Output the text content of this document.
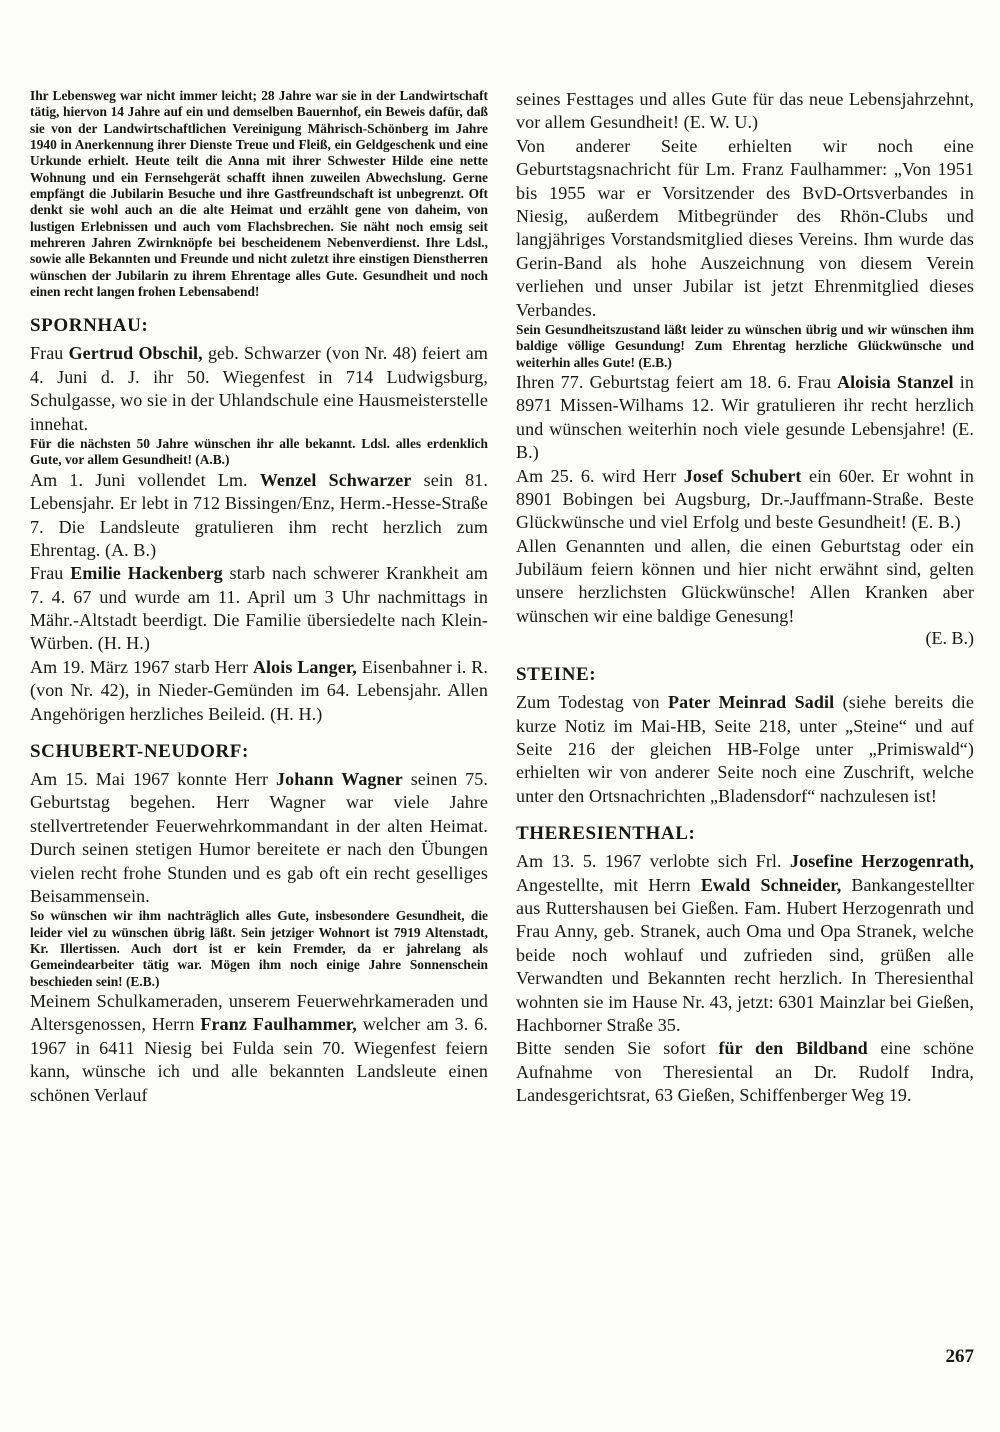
Ihr Lebensweg war nicht immer leicht; 28 Jahre war sie in der Landwirtschaft tätig, hiervon 14 Jahre auf ein und demselben Bauernhof, ein Beweis dafür, daß sie von der Landwirtschaftlichen Vereinigung Mährisch-Schönberg im Jahre 1940 in Anerkennung ihrer Dienste Treue und Fleiß, ein Geldgeschenk und eine Urkunde erhielt. Heute teilt die Anna mit ihrer Schwester Hilde eine nette Wohnung und ein Fernsehgerät schafft ihnen zuweilen Abwechslung. Gerne empfängt die Jubilarin Besuche und ihre Gastfreundschaft ist unbegrenzt. Oft denkt sie wohl auch an die alte Heimat und erzählt gene von daheim, von lustigen Erlebnissen und auch vom Flachsbrechen. Sie näht noch emsig seit mehreren Jahren Zwirnknöpfe bei bescheidenem Nebenverdienst. Ihre Ldsl., sowie alle Bekannten und Freunde und nicht zuletzt ihre einstigen Dienstherren wünschen der Jubilarin zu ihrem Ehrentage alles Gute. Gesundheit und noch einen recht langen frohen Lebensabend!

SPORNHAU:

Frau Gertrud Obschil, geb. Schwarzer (von Nr. 48) feiert am 4. Juni d. J. ihr 50. Wiegenfest in 714 Ludwigsburg, Schulgasse, wo sie in der Uhlandschule eine Hausmeisterstelle innehat.

Für die nächsten 50 Jahre wünschen ihr alle bekannt. Ldsl. alles erdenklich Gute, vor allem Gesundheit! (A.B.)

Am 1. Juni vollendet Lm. Wenzel Schwarzer sein 81. Lebensjahr. Er lebt in 712 Bissingen/Enz, Herm.-Hesse-Straße 7. Die Landsleute gratulieren ihm recht herzlich zum Ehrentag. (A. B.)

Frau Emilie Hackenberg starb nach schwerer Krankheit am 7. 4. 67 und wurde am 11. April um 3 Uhr nachmittags in Mähr.-Altstadt beerdigt. Die Familie übersiedelte nach Klein-Würben. (H. H.)

Am 19. März 1967 starb Herr Alois Langer, Eisenbahner i. R. (von Nr. 42), in Nieder-Gemünden im 64. Lebensjahr. Allen Angehörigen herzliches Beileid. (H. H.)

SCHUBERT-NEUDORF:

Am 15. Mai 1967 konnte Herr Johann Wagner seinen 75. Geburtstag begehen. Herr Wagner war viele Jahre stellvertretender Feuerwehrkommandant in der alten Heimat. Durch seinen stetigen Humor bereitete er nach den Übungen vielen recht frohe Stunden und es gab oft ein recht geselliges Beisammensein.

So wünschen wir ihm nachträglich alles Gute, insbesondere Gesundheit, die leider viel zu wünschen übrig läßt. Sein jetziger Wohnort ist 7919 Altenstadt, Kr. Illertissen. Auch dort ist er kein Fremder, da er jahrelang als Gemeindearbeiter tätig war. Mögen ihm noch einige Jahre Sonnenschein beschieden sein! (E.B.)

Meinem Schulkameraden, unserem Feuerwehrkameraden und Altersgenossen, Herrn Franz Faulhammer, welcher am 3. 6. 1967 in 6411 Niesig bei Fulda sein 70. Wiegenfest feiern kann, wünsche ich und alle bekannten Landsleute einen schönen Verlauf

seines Festtages und alles Gute für das neue Lebensjahrzehnt, vor allem Gesundheit! (E. W. U.)

Von anderer Seite erhielten wir noch eine Geburtstagsnachricht für Lm. Franz Faulhammer: „Von 1951 bis 1955 war er Vorsitzender des BvD-Ortsverbandes in Niesig, außerdem Mitbegründer des Rhön-Clubs und langjähriges Vorstandsmitglied dieses Vereins. Ihm wurde das Gerin-Band als hohe Auszeichnung von diesem Verein verliehen und unser Jubilar ist jetzt Ehrenmitglied dieses Verbandes.

Sein Gesundheitszustand läßt leider zu wünschen übrig und wir wünschen ihm baldige völlige Gesundung! Zum Ehrentag herzliche Glückwünsche und weiterhin alles Gute! (E.B.)

Ihren 77. Geburtstag feiert am 18. 6. Frau Aloisia Stanzel in 8971 Missen-Wilhams 12. Wir gratulieren ihr recht herzlich und wünschen weiterhin noch viele gesunde Lebensjahre! (E. B.)

Am 25. 6. wird Herr Josef Schubert ein 60er. Er wohnt in 8901 Bobingen bei Augsburg, Dr.-Jauffmann-Straße. Beste Glückwünsche und viel Erfolg und beste Gesundheit! (E. B.)

Allen Genannten und allen, die einen Geburtstag oder ein Jubiläum feiern können und hier nicht erwähnt sind, gelten unsere herzlichsten Glückwünsche! Allen Kranken aber wünschen wir eine baldige Genesung!

(E. B.)

STEINE:

Zum Todestag von Pater Meinrad Sadil (siehe bereits die kurze Notiz im Mai-HB, Seite 218, unter „Steine“ und auf Seite 216 der gleichen HB-Folge unter „Primiswald“) erhielten wir von anderer Seite noch eine Zuschrift, welche unter den Ortsnachrichten „Bladensdorf“ nachzulesen ist!

THERESIENTHAL:

Am 13. 5. 1967 verlobte sich Frl. Josefine Herzogenrath, Angestellte, mit Herrn Ewald Schneider, Bankangestellter aus Ruttershausen bei Gießen. Fam. Hubert Herzogenrath und Frau Anny, geb. Stranek, auch Oma und Opa Stranek, welche beide noch wohlauf und zufrieden sind, grüßen alle Verwandten und Bekannten recht herzlich. In Theresienthal wohnten sie im Hause Nr. 43, jetzt: 6301 Mainzlar bei Gießen, Hachborner Straße 35.

Bitte senden Sie sofort für den Bildband eine schöne Aufnahme von Theresiental an Dr. Rudolf Indra, Landesgerichtsrat, 63 Gießen, Schiffenberger Weg 19.

267
